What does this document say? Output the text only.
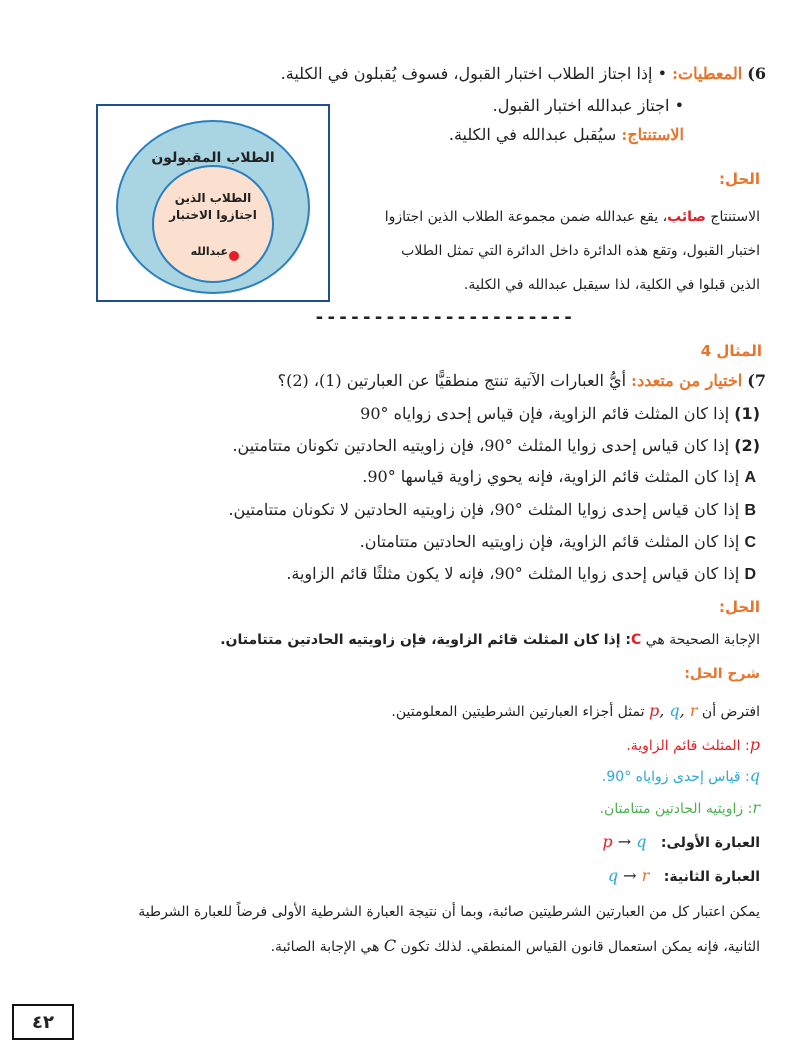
6) المعطيات: • إذا اجتاز الطلاب اختبار القبول، فسوف يُقبلون في الكلية.
• اجتاز عبدالله اختبار القبول.
الاستنتاج: سيُقبل عبدالله في الكلية.
الطلاب المقبولون
الطلاب الذين
اجتازوا الاختبار
عبدالله
الحل:
الاستنتاج صائب، يقع عبدالله ضمن مجموعة الطلاب الذين اجتازوا
اختبار القبول، وتقع هذه الدائرة داخل الدائرة التي تمثل الطلاب
الذين قبلوا في الكلية، لذا سيقبل عبدالله في الكلية.
----------------------
المثال 4
7) اختيار من متعدد: أيُّ العبارات الآتية تنتج منطقيًّا عن العبارتين (1)، (2)؟
(1) إذا كان المثلث قائم الزاوية، فإن قياس إحدى زواياه °90
(2) إذا كان قياس إحدى زوايا المثلث °90، فإن زاويتيه الحادتين تكونان متتامتين.
A إذا كان المثلث قائم الزاوية، فإنه يحوي زاوية قياسها °90.
B إذا كان قياس إحدى زوايا المثلث °90، فإن زاويتيه الحادتين لا تكونان متتامتين.
C إذا كان المثلث قائم الزاوية، فإن زاويتيه الحادتين متتامتان.
D إذا كان قياس إحدى زوايا المثلث °90، فإنه لا يكون مثلثًا قائم الزاوية.
الحل:
الإجابة الصحيحة هي C: إذا كان المثلث قائم الزاوية، فإن زاويتيه الحادتين متتامتان.
شرح الحل:
افترض أن p, q, r تمثل أجزاء العبارتين الشرطيتين المعلومتين.
p: المثلث قائم الزاوية.
q: قياس إحدى زواياه °90.
r: زاويتيه الحادتين متتامتان.
العبارة الأولى: p → q
العبارة الثانية: q → r
يمكن اعتبار كل من العبارتين الشرطيتين صائبة، وبما أن نتيجة العبارة الشرطية الأولى فرضاً للعبارة الشرطية
الثانية، فإنه يمكن استعمال قانون القياس المنطقي. لذلك تكون C هي الإجابة الصائبة.
٤٢
